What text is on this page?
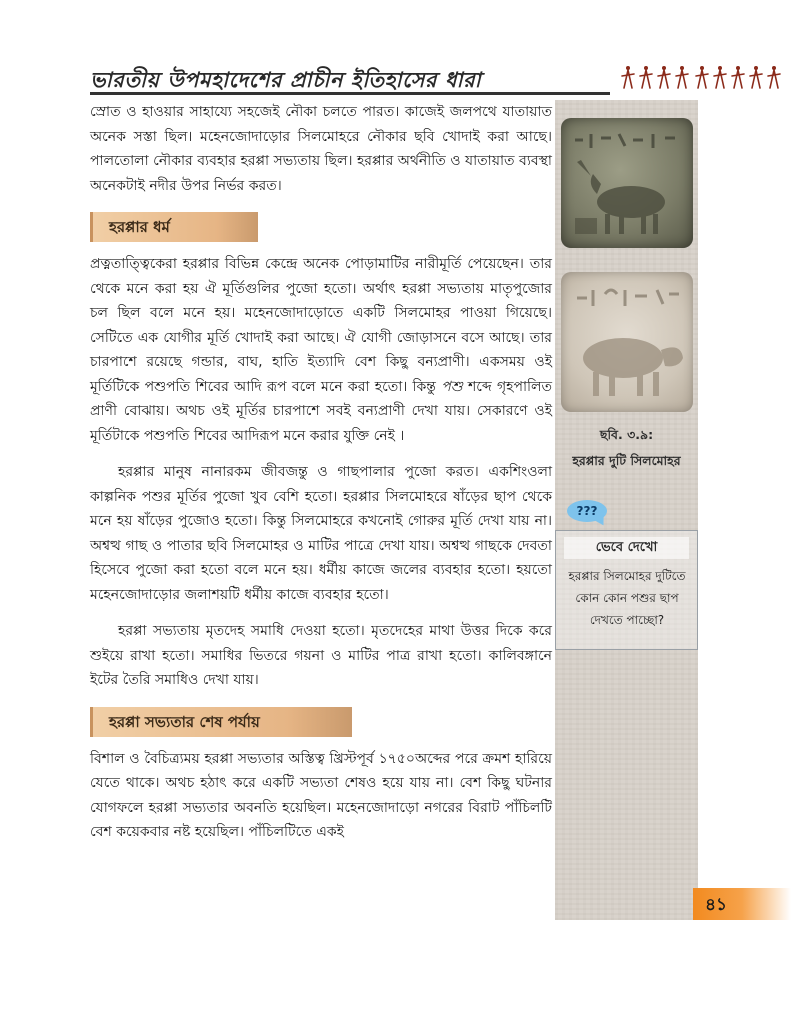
ভারতীয় উপমহাদেশের প্রাচীন ইতিহাসের ধারা

স্রোত ও হাওয়ার সাহায্যে সহজেই নৌকা চলতে পারত। কাজেই জলপথে যাতায়াত অনেক সস্তা ছিল। মহেনজোদাড়োর সিলমোহরে নৌকার ছবি খোদাই করা আছে। পালতোলা নৌকার ব্যবহার হরপ্পা সভ্যতায় ছিল। হরপ্পার অর্থনীতি ও যাতায়াত ব্যবস্থা অনেকটাই নদীর উপর নির্ভর করত।

হরপ্পার ধর্ম

প্রত্নতাত্ত্বিকেরা হরপ্পার বিভিন্ন কেন্দ্রে অনেক পোড়ামাটির নারীমূর্তি পেয়েছেন। তার থেকে মনে করা হয় ঐ মূর্তিগুলির পুজো হতো। অর্থাৎ হরপ্পা সভ্যতায় মাতৃপুজোর চল ছিল বলে মনে হয়। মহেনজোদাড়োতে একটি সিলমোহর পাওয়া গিয়েছে। সেটিতে এক যোগীর মূর্তি খোদাই করা আছে। ঐ যোগী জোড়াসনে বসে আছে। তার চারপাশে রয়েছে গন্ডার, বাঘ, হাতি ইত্যাদি বেশ কিছু বন্যপ্রাণী। একসময় ওই মূর্তিটিকে পশুপতি শিবের আদি রূপ বলে মনে করা হতো। কিন্তু পশু শব্দে গৃহপালিত প্রাণী বোঝায়। অথচ ওই মূর্তির চারপাশে সবই বন্যপ্রাণী দেখা যায়। সেকারণে ওই মূর্তিটাকে পশুপতি শিবের আদিরূপ মনে করার যুক্তি নেই ।

হরপ্পার মানুষ নানারকম জীবজন্তু ও গাছপালার পুজো করত। একশিংওলা কাল্পনিক পশুর মূর্তির পুজো খুব বেশি হতো। হরপ্পার সিলমোহরে ষাঁড়ের ছাপ থেকে মনে হয় ষাঁড়ের পুজোও হতো। কিন্তু সিলমোহরে কখনোই গোরুর মূর্তি দেখা যায় না। অশ্বত্থ গাছ ও পাতার ছবি সিলমোহর ও মাটির পাত্রে দেখা যায়। অশ্বত্থ গাছকে দেবতা হিসেবে পুজো করা হতো বলে মনে হয়। ধর্মীয় কাজে জলের ব্যবহার হতো। হয়তো মহেনজোদাড়োর জলাশয়টি ধর্মীয় কাজে ব্যবহার হতো।

হরপ্পা সভ্যতায় মৃতদেহ সমাধি দেওয়া হতো। মৃতদেহের মাথা উত্তর দিকে করে শুইয়ে রাখা হতো। সমাধির ভিতরে গয়না ও মাটির পাত্র রাখা হতো। কালিবঙ্গানে ইটের তৈরি সমাধিও দেখা যায়।

হরপ্পা সভ্যতার শেষ পর্যায়

বিশাল ও বৈচিত্র্যময় হরপ্পা সভ্যতার অস্তিত্ব খ্রিস্টপূর্ব ১৭৫০অব্দের পরে ক্রমশ হারিয়ে যেতে থাকে। অথচ হঠাৎ করে একটি সভ্যতা শেষও হয়ে যায় না। বেশ কিছু ঘটনার যোগফলে হরপ্পা সভ্যতার অবনতি হয়েছিল। মহেনজোদাড়ো নগরের বিরাট পাঁচিলটি বেশ কয়েকবার নষ্ট হয়েছিল। পাঁচিলটিতে একই

ছবি. ৩.৯:
হরপ্পার দুটি সিলমোহর
???
ভেবে দেখো
হরপ্পার সিলমোহর দুটিতে কোন কোন পশুর ছাপ দেখতে পাচ্ছো?
৪১
